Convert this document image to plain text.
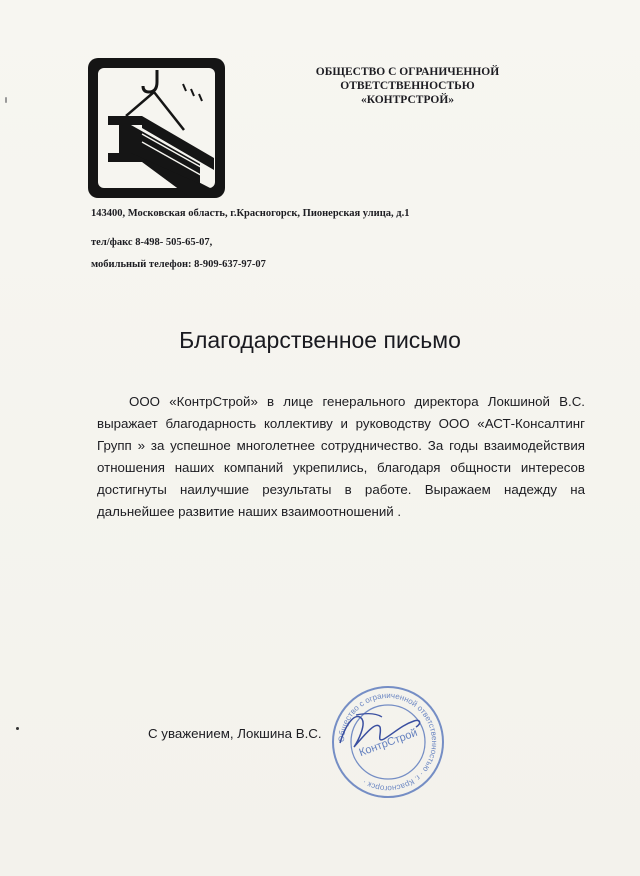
ОБЩЕСТВО С ОГРАНИЧЕННОЙ
ОТВЕТСТВЕННОСТЬЮ
«КОНТРСТРОЙ»
143400, Московская область, г.Красногорск, Пионерская улица, д.1
тел/факс 8-498- 505-65-07,
мобильный телефон: 8-909-637-97-07
Благодарственное письмо
ООО «КонтрСтрой» в лице генерального директора Локшиной В.С. выражает благодарность коллективу и руководству ООО «АСТ-Консалтинг Групп » за успешное многолетнее сотрудничество. За годы взаимодействия отношения наших компаний укрепились, благодаря общности интересов достигнуты наилучшие результаты в работе. Выражаем надежду на дальнейшее развитие наших взаимоотношений .
С уважением, Локшина В.С. Общество с ограниченной ответственностью · г. Красногорск ·
КонтрСтрой
